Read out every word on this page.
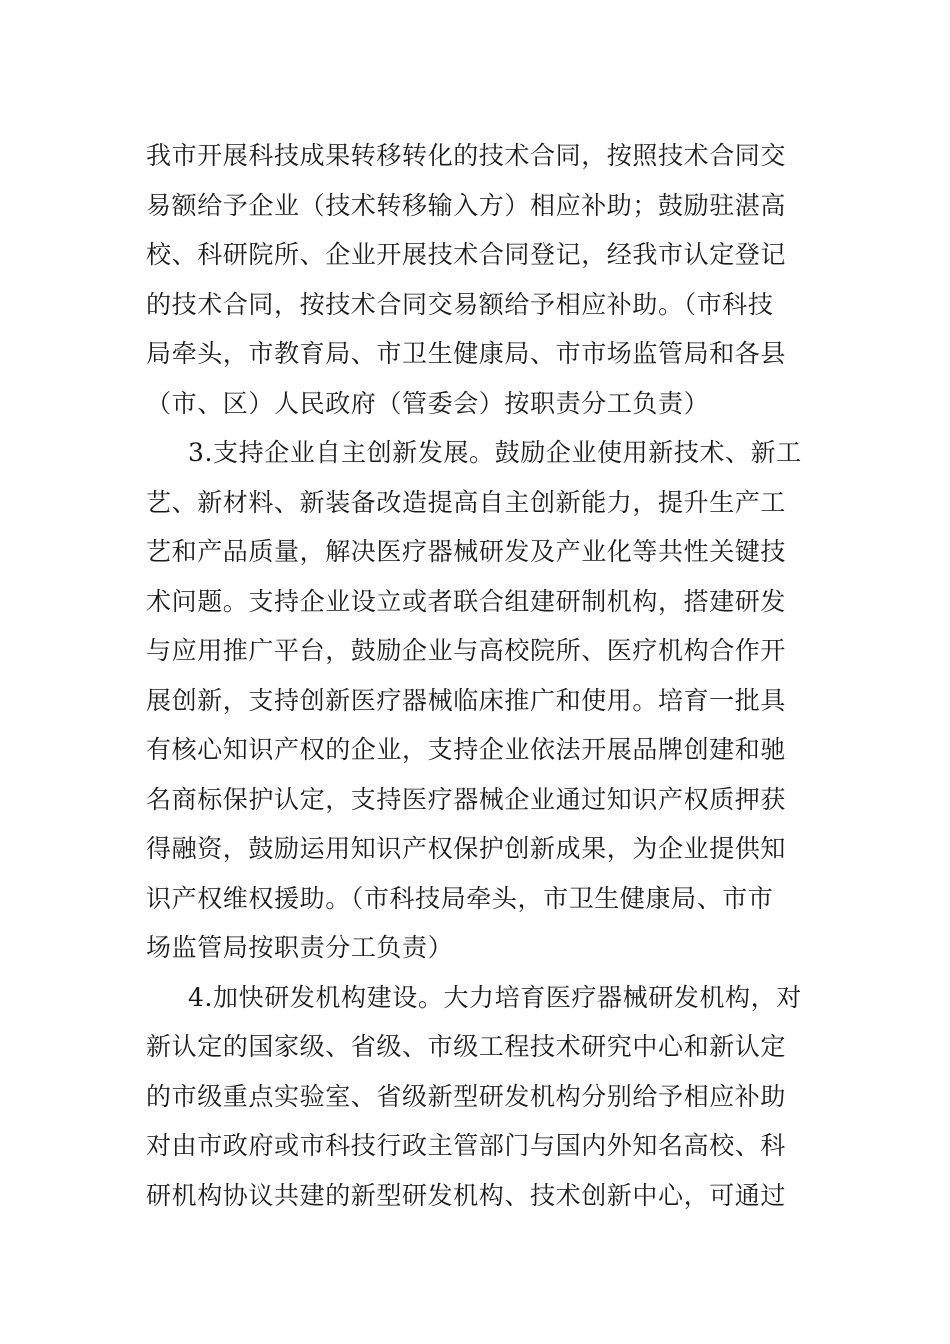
我市开展科技成果转移转化的技术合同，按照技术合同交
易额给予企业（技术转移输入方）相应补助；鼓励驻湛高
校、科研院所、企业开展技术合同登记，经我市认定登记
的技术合同，按技术合同交易额给予相应补助。（市科技
局牵头，市教育局、市卫生健康局、市市场监管局和各县
（市、区）人民政府（管委会）按职责分工负责）
3.支持企业自主创新发展。鼓励企业使用新技术、新工
艺、新材料、新装备改造提高自主创新能力，提升生产工
艺和产品质量，解决医疗器械研发及产业化等共性关键技
术问题。支持企业设立或者联合组建研制机构，搭建研发
与应用推广平台，鼓励企业与高校院所、医疗机构合作开
展创新，支持创新医疗器械临床推广和使用。培育一批具
有核心知识产权的企业，支持企业依法开展品牌创建和驰
名商标保护认定，支持医疗器械企业通过知识产权质押获
得融资，鼓励运用知识产权保护创新成果，为企业提供知
识产权维权援助。（市科技局牵头，市卫生健康局、市市
场监管局按职责分工负责）
4.加快研发机构建设。大力培育医疗器械研发机构，对
新认定的国家级、省级、市级工程技术研究中心和新认定
的市级重点实验室、省级新型研发机构分别给予相应补助
对由市政府或市科技行政主管部门与国内外知名高校、科
研机构协议共建的新型研发机构、技术创新中心，可通过
